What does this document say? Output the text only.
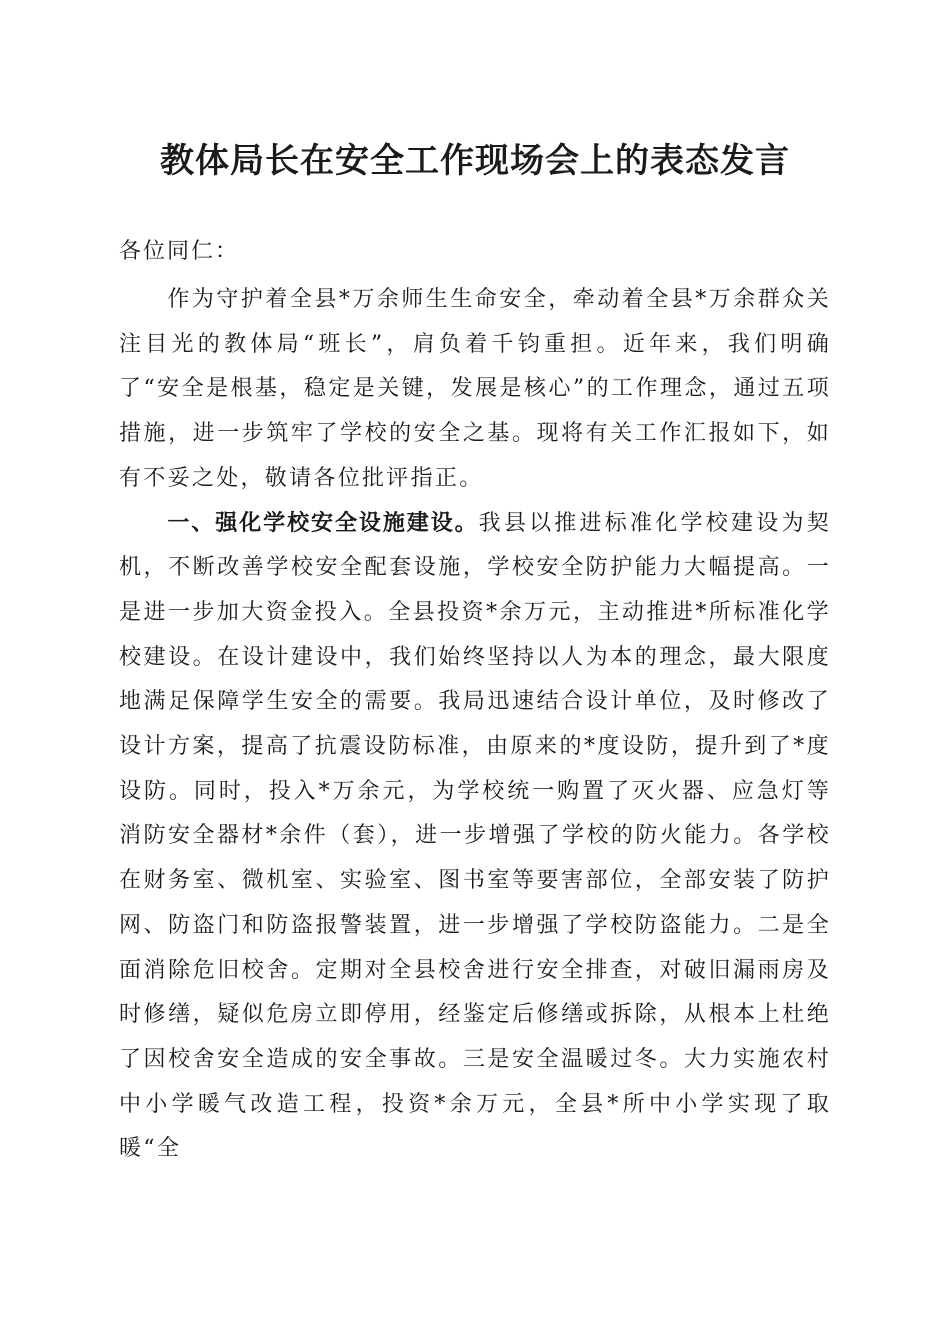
教体局长在安全工作现场会上的表态发言

各位同仁：

作为守护着全县*万余师生生命安全，牵动着全县*万余群众关注目光的教体局“班长”，肩负着千钧重担。近年来，我们明确了“安全是根基，稳定是关键，发展是核心”的工作理念，通过五项措施，进一步筑牢了学校的安全之基。现将有关工作汇报如下，如有不妥之处，敬请各位批评指正。

一、强化学校安全设施建设。我县以推进标准化学校建设为契机，不断改善学校安全配套设施，学校安全防护能力大幅提高。一是进一步加大资金投入。全县投资*余万元，主动推进*所标准化学校建设。在设计建设中，我们始终坚持以人为本的理念，最大限度地满足保障学生安全的需要。我局迅速结合设计单位，及时修改了设计方案，提高了抗震设防标准，由原来的*度设防，提升到了*度设防。同时，投入*万余元，为学校统一购置了灭火器、应急灯等消防安全器材*余件（套），进一步增强了学校的防火能力。各学校在财务室、微机室、实验室、图书室等要害部位，全部安装了防护网、防盗门和防盗报警装置，进一步增强了学校防盗能力。二是全面消除危旧校舍。定期对全县校舍进行安全排查，对破旧漏雨房及时修缮，疑似危房立即停用，经鉴定后修缮或拆除，从根本上杜绝了因校舍安全造成的安全事故。三是安全温暖过冬。大力实施农村中小学暖气改造工程，投资*余万元，全县*所中小学实现了取暖“全
